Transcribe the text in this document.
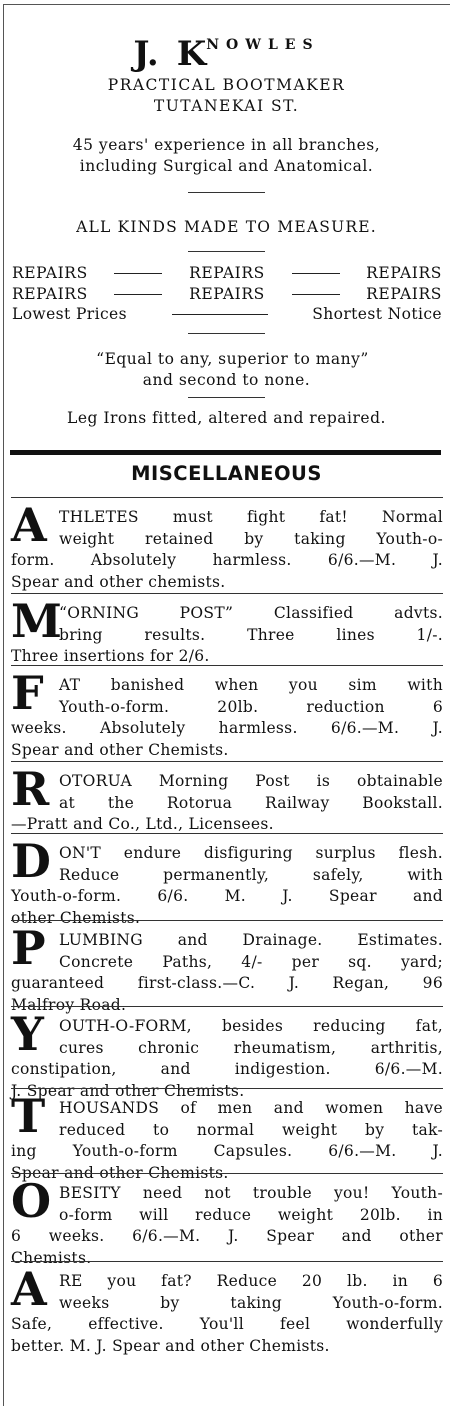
J. KNOWLES
PRACTICAL BOOTMAKER
TUTANEKAI ST.
45 years' experience in all branches,
including Surgical and Anatomical.
ALL KINDS MADE TO MEASURE.
REPAIRS	REPAIRS	REPAIRS
REPAIRS	REPAIRS	REPAIRS
Lowest Prices	Shortest Notice
“Equal to any, superior to many”
and second to none.
Leg Irons fitted, altered and repaired.
MISCELLANEOUS
A THLETES must fight fat! Normal
weight retained by taking Youth-o-
form. Absolutely harmless. 6/6.—M. J.
Spear and other chemists.
M
“ORNING POST” Classified advts.
bring results. Three lines 1/-.
Three insertions for 2/6.
F AT banished when you sim with
Youth-o-form. 20lb. reduction 6
weeks. Absolutely harmless. 6/6.—M. J.
Spear and other Chemists.
R OTORUA Morning Post is obtainable
at the Rotorua Railway Bookstall.
—Pratt and Co., Ltd., Licensees.
D ON'T endure disfiguring surplus flesh.
Reduce permanently, safely, with
Youth-o-form. 6/6. M. J. Spear and
other Chemists.
P LUMBING and Drainage. Estimates.
Concrete Paths, 4/- per sq. yard;
guaranteed first-class.—C. J. Regan, 96
Malfroy Road.
Y OUTH-O-FORM, besides reducing fat,
cures chronic rheumatism, arthritis,
constipation, and indigestion. 6/6.—M.
J. Spear and other Chemists.
T HOUSANDS of men and women have
reduced to normal weight by tak-
ing Youth-o-form Capsules. 6/6.—M. J.
Spear and other Chemists.
O BESITY need not trouble you! Youth-
o-form will reduce weight 20lb. in
6 weeks. 6/6.—M. J. Spear and other
Chemists.
A RE you fat? Reduce 20 lb. in 6
weeks by taking Youth-o-form.
Safe, effective. You'll feel wonderfully
better. M. J. Spear and other Chemists.
